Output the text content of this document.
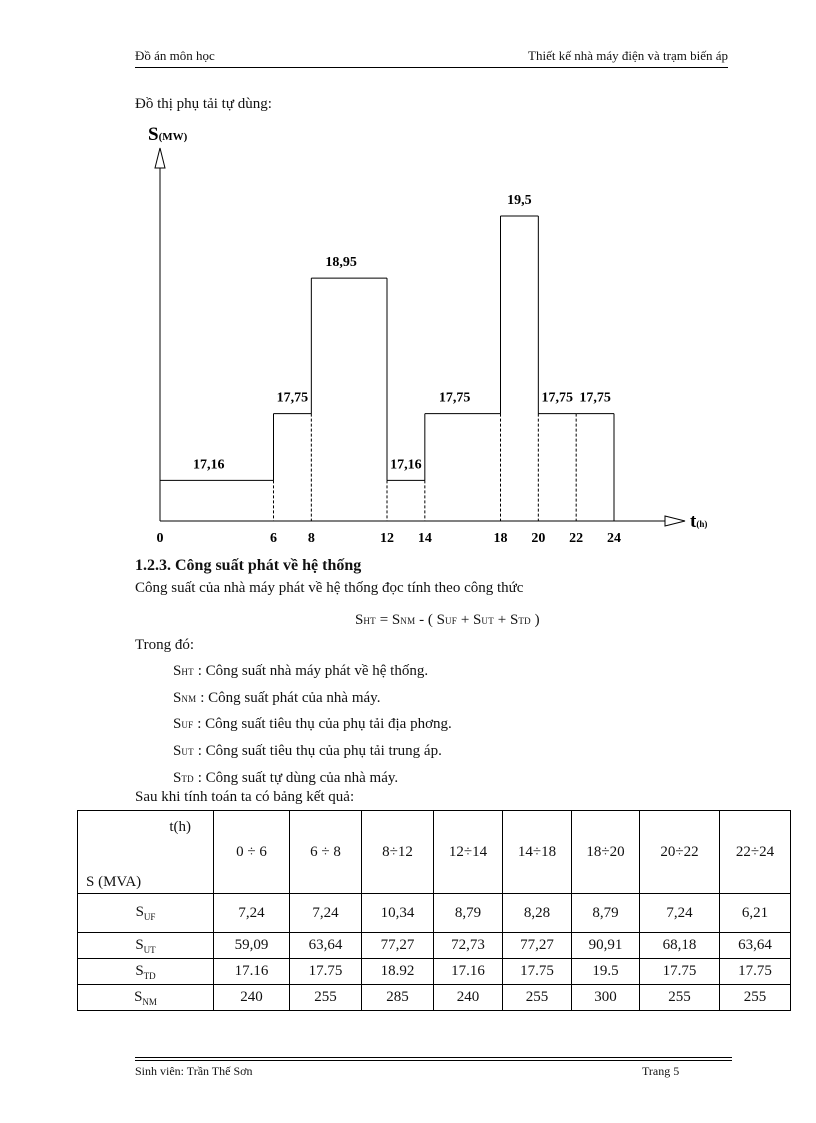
Đồ án môn học	Thiết kế nhà máy điện và trạm biến áp
Đồ thị phụ tải tự dùng:
S(MW)
t(h)
17,16
17,75
18,95
17,16
17,75
19,5
17,75 17,75
0	6 8	12 14	18 20 22 24
1.2.3. Công suất phát về hệ thống
Công suất của nhà máy phát về hệ thống đọc tính theo công thức
SHT = SNM - ( SUF + SUT + STD )
Trong đó:
SHT : Công suất nhà máy phát về hệ thống.
SNM : Công suất phát của nhà máy.
SUF : Công suất tiêu thụ của phụ tải địa phơng.
SUT : Công suất tiêu thụ của phụ tải trung áp.
STD : Công suất tự dùng của nhà máy.
Sau khi tính toán ta có bảng kết quả:
t(h)
S (MVA)	0 ÷ 6	6 ÷ 8	8÷12	12÷14	14÷18	18÷20	20÷22	22÷24
$S_{UF}$	7,24	7,24	10,34	8,79	8,28	8,79	7,24	6,21
$S_{UT}$	59,09	63,64	77,27	72,73	77,27	90,91	68,18	63,64
$S_{TD}$	17.16	17.75	18.92	17.16	17.75	19.5	17.75	17.75
$S_{NM}$	240	255	285	240	255	300	255	255
Sinh viên: Trần Thế Sơn	Trang 5
